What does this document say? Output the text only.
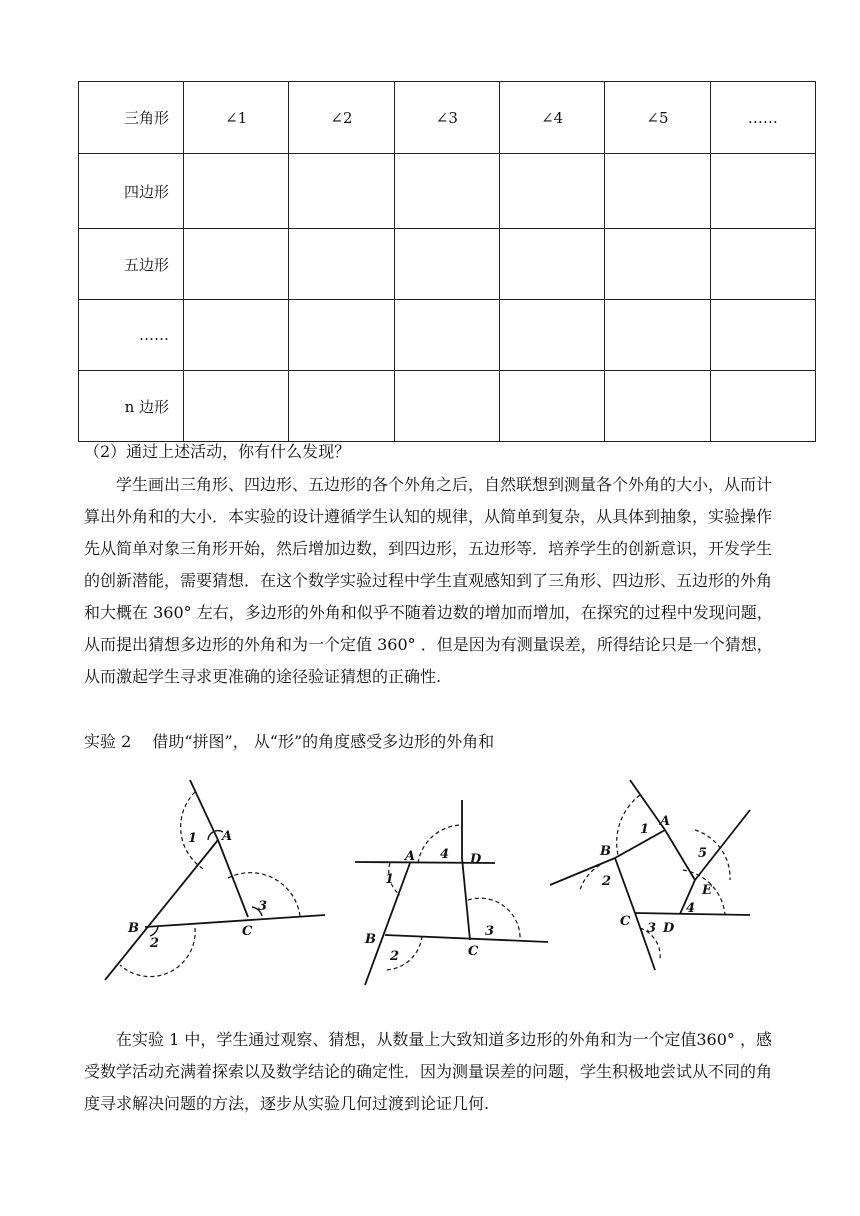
三角形	∠1	∠2	∠3	∠4	∠5	……
四边形						
五边形						
……						
n 边形						
（2）通过上述活动，你有什么发现？

学生画出三角形、四边形、五边形的各个外角之后，自然联想到测量各个外角的大小，从而计算出外角和的大小．本实验的设计遵循学生认知的规律，从简单到复杂，从具体到抽象，实验操作先从简单对象三角形开始，然后增加边数，到四边形，五边形等．培养学生的创新意识，开发学生的创新潜能，需要猜想．在这个数学实验过程中学生直观感知到了三角形、四边形、五边形的外角和大概在 360° 左右，多边形的外角和似乎不随着边数的增加而增加，在探究的过程中发现问题，从而提出猜想多边形的外角和为一个定值 360° ．但是因为有测量误差，所得结论只是一个猜想，从而激起学生寻求更准确的途径验证猜想的正确性.

实验 2　 借助“拼图”， 从“形”的角度感受多边形的外角和
A
B	C
1
2
3
A
B
C
D
1
2
3
4
A
B
C	D
E
1
2
3
4
5

在实验 1 中，学生通过观察、猜想，从数量上大致知道多边形的外角和为一个定值360° ，感受数学活动充满着探索以及数学结论的确定性．因为测量误差的问题，学生积极地尝试从不同的角度寻求解决问题的方法，逐步从实验几何过渡到论证几何.
